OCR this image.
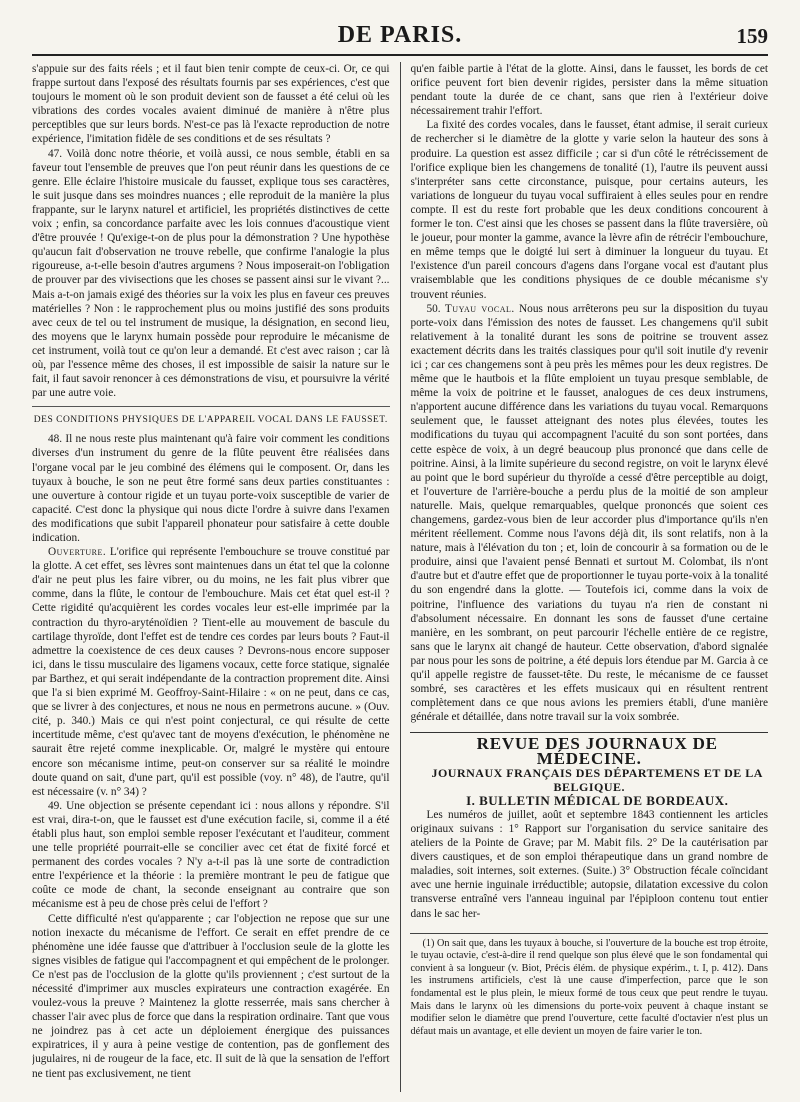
DE PARIS.	159

s'appuie sur des faits réels ; et il faut bien tenir compte de ceux-ci. Or, ce qui frappe surtout dans l'exposé des résultats fournis par ses expériences, c'est que toujours le moment où le son produit devient son de fausset a été celui où les vibrations des cordes vocales avaient diminué de manière à n'être plus perceptibles que sur leurs bords. N'est-ce pas là l'exacte reproduction de notre expérience, l'imitation fidèle de ses conditions et de ses résultats ?

47. Voilà donc notre théorie, et voilà aussi, ce nous semble, établi en sa faveur tout l'ensemble de preuves que l'on peut réunir dans les questions de ce genre. Elle éclaire l'histoire musicale du fausset, explique tous ses caractères, le suit jusque dans ses moindres nuances ; elle reproduit de la manière la plus frappante, sur le larynx naturel et artificiel, les propriétés distinctives de cette voix ; enfin, sa concordance parfaite avec les lois connues d'acoustique vient d'être prouvée ! Qu'exige-t-on de plus pour la démonstration ? Une hypothèse qu'aucun fait d'observation ne trouve rebelle, que confirme l'analogie la plus rigoureuse, a-t-elle besoin d'autres argumens ? Nous imposerait-on l'obligation de prouver par des vivisections que les choses se passent ainsi sur le vivant ?... Mais a-t-on jamais exigé des théories sur la voix les plus en faveur ces preuves matérielles ? Non : le rapprochement plus ou moins justifié des sons produits avec ceux de tel ou tel instrument de musique, la désignation, en second lieu, des moyens que le larynx humain possède pour reproduire le mécanisme de cet instrument, voilà tout ce qu'on leur a demandé. Et c'est avec raison ; car là où, par l'essence même des choses, il est impossible de saisir la nature sur le fait, il faut savoir renoncer à ces démonstrations de visu, et poursuivre la vérité par une autre voie.

DES CONDITIONS PHYSIQUES DE L'APPAREIL VOCAL DANS LE FAUSSET.

48. Il ne nous reste plus maintenant qu'à faire voir comment les conditions diverses d'un instrument du genre de la flûte peuvent être réalisées dans l'organe vocal par le jeu combiné des élémens qui le composent. Or, dans les tuyaux à bouche, le son ne peut être formé sans deux parties constituantes : une ouverture à contour rigide et un tuyau porte-voix susceptible de varier de capacité. C'est donc la physique qui nous dicte l'ordre à suivre dans l'examen des modifications que subit l'appareil phonateur pour satisfaire à cette double indication.

Ouverture. L'orifice qui représente l'embouchure se trouve constitué par la glotte. A cet effet, ses lèvres sont maintenues dans un état tel que la colonne d'air ne peut plus les faire vibrer, ou du moins, ne les fait plus vibrer que comme, dans la flûte, le contour de l'embouchure. Mais cet état quel est-il ? Cette rigidité qu'acquièrent les cordes vocales leur est-elle imprimée par la contraction du thyro-aryténoïdien ? Tient-elle au mouvement de bascule du cartilage thyroïde, dont l'effet est de tendre ces cordes par leurs bouts ? Faut-il admettre la coexistence de ces deux causes ? Devrons-nous encore supposer ici, dans le tissu musculaire des ligamens vocaux, cette force statique, signalée par Barthez, et qui serait indépendante de la contraction proprement dite. Ainsi que l'a si bien exprimé M. Geoffroy-Saint-Hilaire : « on ne peut, dans ce cas, que se livrer à des conjectures, et nous ne nous en permetrons aucune. » (Ouv. cité, p. 340.) Mais ce qui n'est point conjectural, ce qui résulte de cette incertitude même, c'est qu'avec tant de moyens d'exécution, le phénomène ne saurait être rejeté comme inexplicable. Or, malgré le mystère qui entoure encore son mécanisme intime, peut-on conserver sur sa réalité le moindre doute quand on sait, d'une part, qu'il est possible (voy. n° 48), de l'autre, qu'il est nécessaire (v. n° 34) ?

49. Une objection se présente cependant ici : nous allons y répondre. S'il est vrai, dira-t-on, que le fausset est d'une exécution facile, si, comme il a été établi plus haut, son emploi semble reposer l'exécutant et l'auditeur, comment une telle propriété pourrait-elle se concilier avec cet état de fixité forcé et permanent des cordes vocales ? N'y a-t-il pas là une sorte de contradiction entre l'expérience et la théorie : la première montrant le peu de fatigue que coûte ce mode de chant, la seconde enseignant au contraire que son mécanisme est à peu de chose près celui de l'effort ?

Cette difficulté n'est qu'apparente ; car l'objection ne repose que sur une notion inexacte du mécanisme de l'effort. Ce serait en effet prendre de ce phénomène une idée fausse que d'attribuer à l'occlusion seule de la glotte les signes visibles de fatigue qui l'accompagnent et qui empêchent de le prolonger. Ce n'est pas de l'occlusion de la glotte qu'ils proviennent ; c'est surtout de la nécessité d'imprimer aux muscles expirateurs une contraction exagérée. En voulez-vous la preuve ? Maintenez la glotte resserrée, mais sans chercher à chasser l'air avec plus de force que dans la respiration ordinaire. Tant que vous ne joindrez pas à cet acte un déploiement énergique des puissances expiratrices, il y aura à peine vestige de contention, pas de gonflement des jugulaires, ni de rougeur de la face, etc. Il suit de là que la sensation de l'effort ne tient pas exclusivement, ne tient

qu'en faible partie à l'état de la glotte. Ainsi, dans le fausset, les bords de cet orifice peuvent fort bien devenir rigides, persister dans la même situation pendant toute la durée de ce chant, sans que rien à l'extérieur doive nécessairement trahir l'effort.

La fixité des cordes vocales, dans le fausset, étant admise, il serait curieux de rechercher si le diamètre de la glotte y varie selon la hauteur des sons à produire. La question est assez difficile ; car si d'un côté le rétrécissement de l'orifice explique bien les changemens de tonalité (1), l'autre ils peuvent aussi s'interpréter sans cette circonstance, puisque, pour certains auteurs, les variations de longueur du tuyau vocal suffiraient à elles seules pour en rendre compte. Il est du reste fort probable que les deux conditions concourent à former le ton. C'est ainsi que les choses se passent dans la flûte traversière, où le joueur, pour monter la gamme, avance la lèvre afin de rétrécir l'embouchure, en même temps que le doigté lui sert à diminuer la longueur du tuyau. Et l'existence d'un pareil concours d'agens dans l'organe vocal est d'autant plus vraisemblable que les conditions physiques de ce double mécanisme s'y trouvent réunies.

50. Tuyau vocal. Nous nous arrêterons peu sur la disposition du tuyau porte-voix dans l'émission des notes de fausset. Les changemens qu'il subit relativement à la tonalité durant les sons de poitrine se trouvent assez exactement décrits dans les traités classiques pour qu'il soit inutile d'y revenir ici ; car ces changemens sont à peu près les mêmes pour les deux registres. De même que le hautbois et la flûte emploient un tuyau presque semblable, de même la voix de poitrine et le fausset, analogues de ces deux instrumens, n'apportent aucune différence dans les variations du tuyau vocal. Remarquons seulement que, le fausset atteignant des notes plus élevées, toutes les modifications du tuyau qui accompagnent l'acuité du son sont portées, dans cette espèce de voix, à un degré beaucoup plus prononcé que dans celle de poitrine. Ainsi, à la limite supérieure du second registre, on voit le larynx élevé au point que le bord supérieur du thyroïde a cessé d'être perceptible au doigt, et l'ouverture de l'arrière-bouche a perdu plus de la moitié de son ampleur naturelle. Mais, quelque remarquables, quelque prononcés que soient ces changemens, gardez-vous bien de leur accorder plus d'importance qu'ils n'en méritent réellement. Comme nous l'avons déjà dit, ils sont relatifs, non à la nature, mais à l'élévation du ton ; et, loin de concourir à sa formation ou de le produire, ainsi que l'avaient pensé Bennati et surtout M. Colombat, ils n'ont d'autre but et d'autre effet que de proportionner le tuyau porte-voix à la tonalité du son engendré dans la glotte. — Toutefois ici, comme dans la voix de poitrine, l'influence des variations du tuyau n'a rien de constant ni d'absolument nécessaire. En donnant les sons de fausset d'une certaine manière, en les sombrant, on peut parcourir l'échelle entière de ce registre, sans que le larynx ait changé de hauteur. Cette observation, d'abord signalée par nous pour les sons de poitrine, a été depuis lors étendue par M. Garcia à ce qu'il appelle registre de fausset-tête. Du reste, le mécanisme de ce fausset sombré, ses caractères et les effets musicaux qui en résultent rentrent complètement dans ce que nous avions les premiers établi, d'une manière générale et détaillée, dans notre travail sur la voix sombrée.

REVUE DES JOURNAUX DE MÉDECINE.

JOURNAUX FRANÇAIS DES DÉPARTEMENS ET DE LA BELGIQUE.

I. BULLETIN MÉDICAL DE BORDEAUX.

Les numéros de juillet, août et septembre 1843 contiennent les articles originaux suivans : 1° Rapport sur l'organisation du service sanitaire des ateliers de la Pointe de Grave; par M. Mabit fils. 2° De la cautérisation par divers caustiques, et de son emploi thérapeutique dans un grand nombre de maladies, soit internes, soit externes. (Suite.) 3° Obstruction fécale coïncidant avec une hernie inguinale irréductible; autopsie, dilatation excessive du colon transverse entraîné vers l'anneau inguinal par l'épiploon contenu tout entier dans le sac her-

(1) On sait que, dans les tuyaux à bouche, si l'ouverture de la bouche est trop étroite, le tuyau octavie, c'est-à-dire il rend quelque son plus élevé que le son fondamental qui convient à sa longueur (v. Biot, Précis élém. de physique expérim., t. I, p. 412). Dans les instrumens artificiels, c'est là une cause d'imperfection, parce que le son fondamental est le plus plein, le mieux formé de tous ceux que peut rendre le tuyau. Mais dans le larynx où les dimensions du porte-voix peuvent à chaque instant se modifier selon le diamètre que prend l'ouverture, cette faculté d'octavier n'est plus un défaut mais un avantage, et elle devient un moyen de faire varier le ton.
